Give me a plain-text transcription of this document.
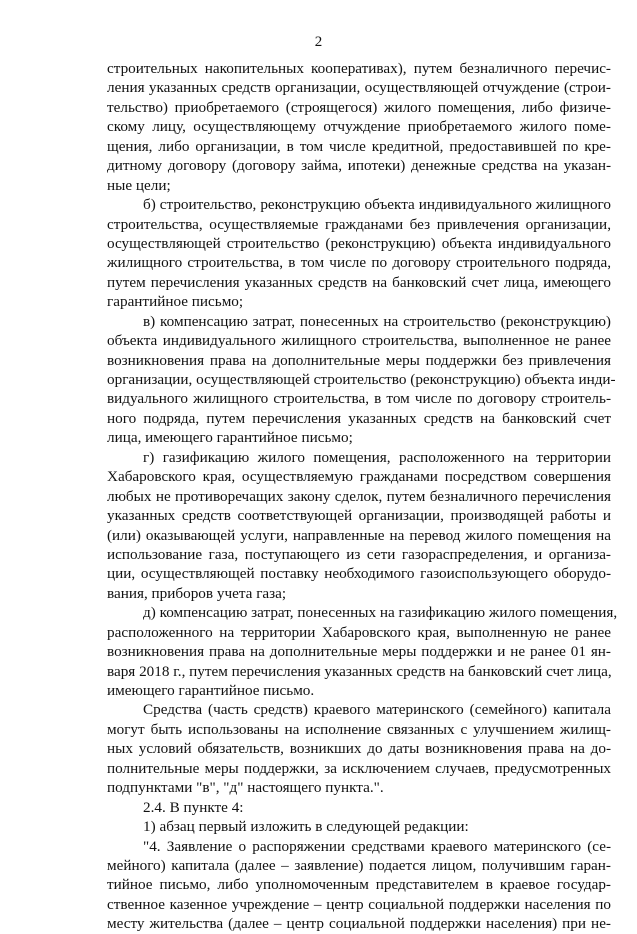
2
строительных накопительных кооперативах), путем безналичного перечис-
ления указанных средств организации, осуществляющей отчуждение (строи-
тельство) приобретаемого (строящегося) жилого помещения, либо физиче-
скому лицу, осуществляющему отчуждение приобретаемого жилого поме-
щения, либо организации, в том числе кредитной, предоставившей по кре-
дитному договору (договору займа, ипотеки) денежные средства на указан-
ные цели;
б) строительство, реконструкцию объекта индивидуального жилищного
строительства, осуществляемые гражданами без привлечения организации,
осуществляющей строительство (реконструкцию) объекта индивидуального
жилищного строительства, в том числе по договору строительного подряда,
путем перечисления указанных средств на банковский счет лица, имеющего
гарантийное письмо;
в) компенсацию затрат, понесенных на строительство (реконструкцию)
объекта индивидуального жилищного строительства, выполненное не ранее
возникновения права на дополнительные меры поддержки без привлечения
организации, осуществляющей строительство (реконструкцию) объекта инди-
видуального жилищного строительства, в том числе по договору строитель-
ного подряда, путем перечисления указанных средств на банковский счет
лица, имеющего гарантийное письмо;
г) газификацию жилого помещения, расположенного на территории
Хабаровского края, осуществляемую гражданами посредством совершения
любых не противоречащих закону сделок, путем безналичного перечисления
указанных средств соответствующей организации, производящей работы и
(или) оказывающей услуги, направленные на перевод жилого помещения на
использование газа, поступающего из сети газораспределения, и организа-
ции, осуществляющей поставку необходимого газоиспользующего оборудо-
вания, приборов учета газа;
д) компенсацию затрат, понесенных на газификацию жилого помещения,
расположенного на территории Хабаровского края, выполненную не ранее
возникновения права на дополнительные меры поддержки и не ранее 01 ян-
варя 2018 г., путем перечисления указанных средств на банковский счет лица,
имеющего гарантийное письмо.
Средства (часть средств) краевого материнского (семейного) капитала
могут быть использованы на исполнение связанных с улучшением жилищ-
ных условий обязательств, возникших до даты возникновения права на до-
полнительные меры поддержки, за исключением случаев, предусмотренных
подпунктами "в", "д" настоящего пункта.".
2.4. В пункте 4:
1) абзац первый изложить в следующей редакции:
"4. Заявление о распоряжении средствами краевого материнского (се-
мейного) капитала (далее – заявление) подается лицом, получившим гаран-
тийное письмо, либо уполномоченным представителем в краевое государ-
ственное казенное учреждение – центр социальной поддержки населения по
месту жительства (далее – центр социальной поддержки населения) при не-
